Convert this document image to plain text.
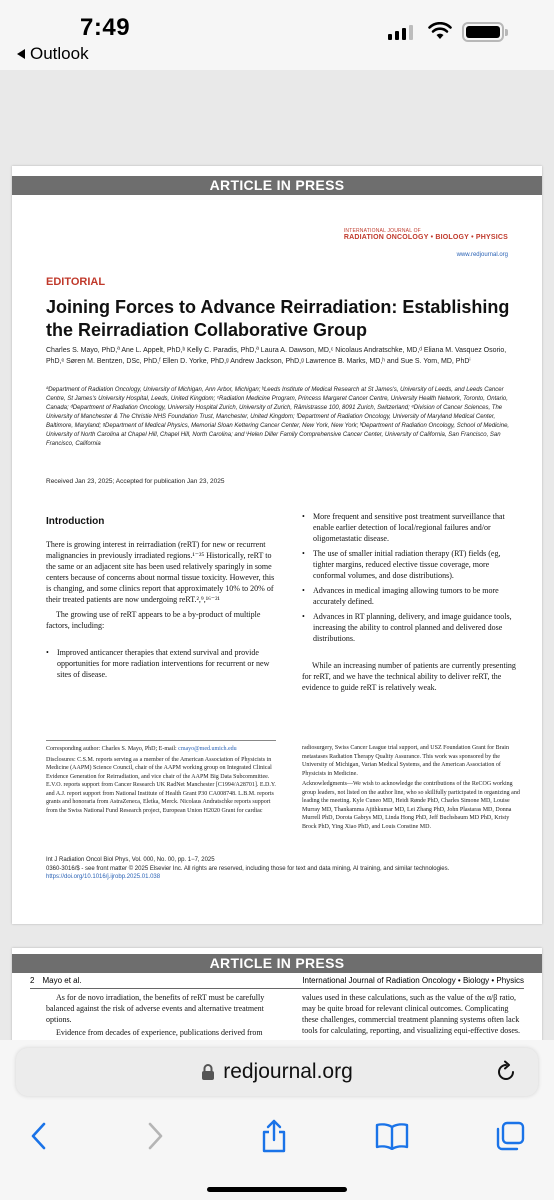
7:49
Outlook
ARTICLE IN PRESS
INTERNATIONAL JOURNAL OF
RADIATION ONCOLOGY • BIOLOGY • PHYSICS
www.redjournal.org
EDITORIAL
Joining Forces to Advance Reirradiation: Establishing the Reirradiation Collaborative Group
Charles S. Mayo, PhD,ª Ane L. Appelt, PhD,ᵇ Kelly C. Paradis, PhD,ª Laura A. Dawson, MD,ᶜ Nicolaus Andratschke, MD,ᵈ Eliana M. Vasquez Osorio, PhD,ᵉ Søren M. Bentzen, DSc, PhD,ᶠ Ellen D. Yorke, PhD,ᵍ Andrew Jackson, PhD,ᵍ Lawrence B. Marks, MD,ʰ and Sue S. Yom, MD, PhDⁱ
ªDepartment of Radiation Oncology, University of Michigan, Ann Arbor, Michigan; ᵇLeeds Institute of Medical Research at St James's, University of Leeds, and Leeds Cancer Centre, St James's University Hospital, Leeds, United Kingdom; ᶜRadiation Medicine Program, Princess Margaret Cancer Centre, University Health Network, Toronto, Ontario, Canada; ᵈDepartment of Radiation Oncology, University Hospital Zurich, University of Zurich, Rämistrasse 100, 8091 Zurich, Switzerland; ᵉDivision of Cancer Sciences, The University of Manchester & The Christie NHS Foundation Trust, Manchester, United Kingdom; ᶠDepartment of Radiation Oncology, University of Maryland Medical Center, Baltimore, Maryland; ᵍDepartment of Medical Physics, Memorial Sloan Kettering Cancer Center, New York, New York; ʰDepartment of Radiation Oncology, School of Medicine, University of North Carolina at Chapel Hill, Chapel Hill, North Carolina; and ⁱHelen Diller Family Comprehensive Cancer Center, University of California, San Francisco, San Francisco, California
Received Jan 23, 2025; Accepted for publication Jan 23, 2025
Introduction

There is growing interest in reirradiation (reRT) for new or recurrent malignancies in previously irradiated regions.¹⁻²⁵ Historically, reRT to the same or an adjacent site has been used relatively sparingly in some centers because of concerns about normal tissue toxicity. However, this is changing, and some clinics report that approximately 10% to 20% of their treated patients are now undergoing reRT.²,⁹,¹⁶⁻²¹

The growing use of reRT appears to be a by-product of multiple factors, including:

•	Improved anticancer therapies that extend survival and provide opportunities for more radiation interventions for recurrent or new sites of disease.
•	More frequent and sensitive post treatment surveillance that enable earlier detection of local/regional failures and/or oligometastatic disease.
•	The use of smaller initial radiation therapy (RT) fields (eg, tighter margins, reduced elective tissue coverage, more conformal volumes, and dose distributions).
•	Advances in medical imaging allowing tumors to be more accurately defined.
•	Advances in RT planning, delivery, and image guidance tools, increasing the ability to control planned and delivered dose distributions.

While an increasing number of patients are currently presenting for reRT, and we have the technical ability to deliver reRT, the evidence to guide reRT is relatively weak.

Corresponding author: Charles S. Mayo, PhD; E-mail: cmayo@med.umich.edu

Disclosures: C.S.M. reports serving as a member of the American Association of Physicists in Medicine (AAPM) Science Council, chair of the AAPM working group on Integrated Clinical Evidence Generation for Reirradiation, and vice chair of the AAPM Big Data Subcommittee. E.V.O. reports support from Cancer Research UK RadNet Manchester [C1994/A28701]. E.D.Y. and A.J. report support from National Institute of Health Grant P30 CA008748. L.B.M. reports grants and honoraria from AstraZeneca, Eletka, Merck. Nicolaus Andratschke reports support from the Swiss National Fund Research project, European Union H2020 Grant for cardiac

radiosurgery, Swiss Cancer League trial support, and USZ Foundation Grant for Brain metastases Radiation Therapy Quality Assurance. This work was sponsored by the University of Michigan, Varian Medical Systems, and the American Association of Physicists in Medicine.

Acknowledgments—We wish to acknowledge the contributions of the ReCOG working group leaders, not listed on the author line, who so skillfully participated in organizing and leading the meeting. Kyle Cuneo MD, Heidi Rønde PhD, Charles Simone MD, Louise Murray MD, Thankamma Ajithkumar MD, Lei Zhang PhD, John Plastaras MD, Donna Murrell PhD, Dorota Gabrys MD, Linda Hong PhD, Jeff Buchsbaum MD PhD, Kristy Brock PhD, Ying Xiao PhD, and Louis Constine MD.

Int J Radiation Oncol Biol Phys, Vol. 000, No. 00, pp. 1−7, 2025
0360-3016/$ - see front matter © 2025 Elsevier Inc. All rights are reserved, including those for text and data mining, AI training, and similar technologies.
https://doi.org/10.1016/j.ijrobp.2025.01.038
ARTICLE IN PRESS
2 Mayo et al.	International Journal of Radiation Oncology • Biology • Physics

As for de novo irradiation, the benefits of reRT must be carefully balanced against the risk of adverse events and alternative treatment options.

Evidence from decades of experience, publications derived from

values used in these calculations, such as the value of the α/β ratio, may be quite broad for relevant clinical outcomes. Complicating these challenges, commercial treatment planning systems often lack tools for calculating, reporting, and visualizing equi-effective doses.

redjournal.org
